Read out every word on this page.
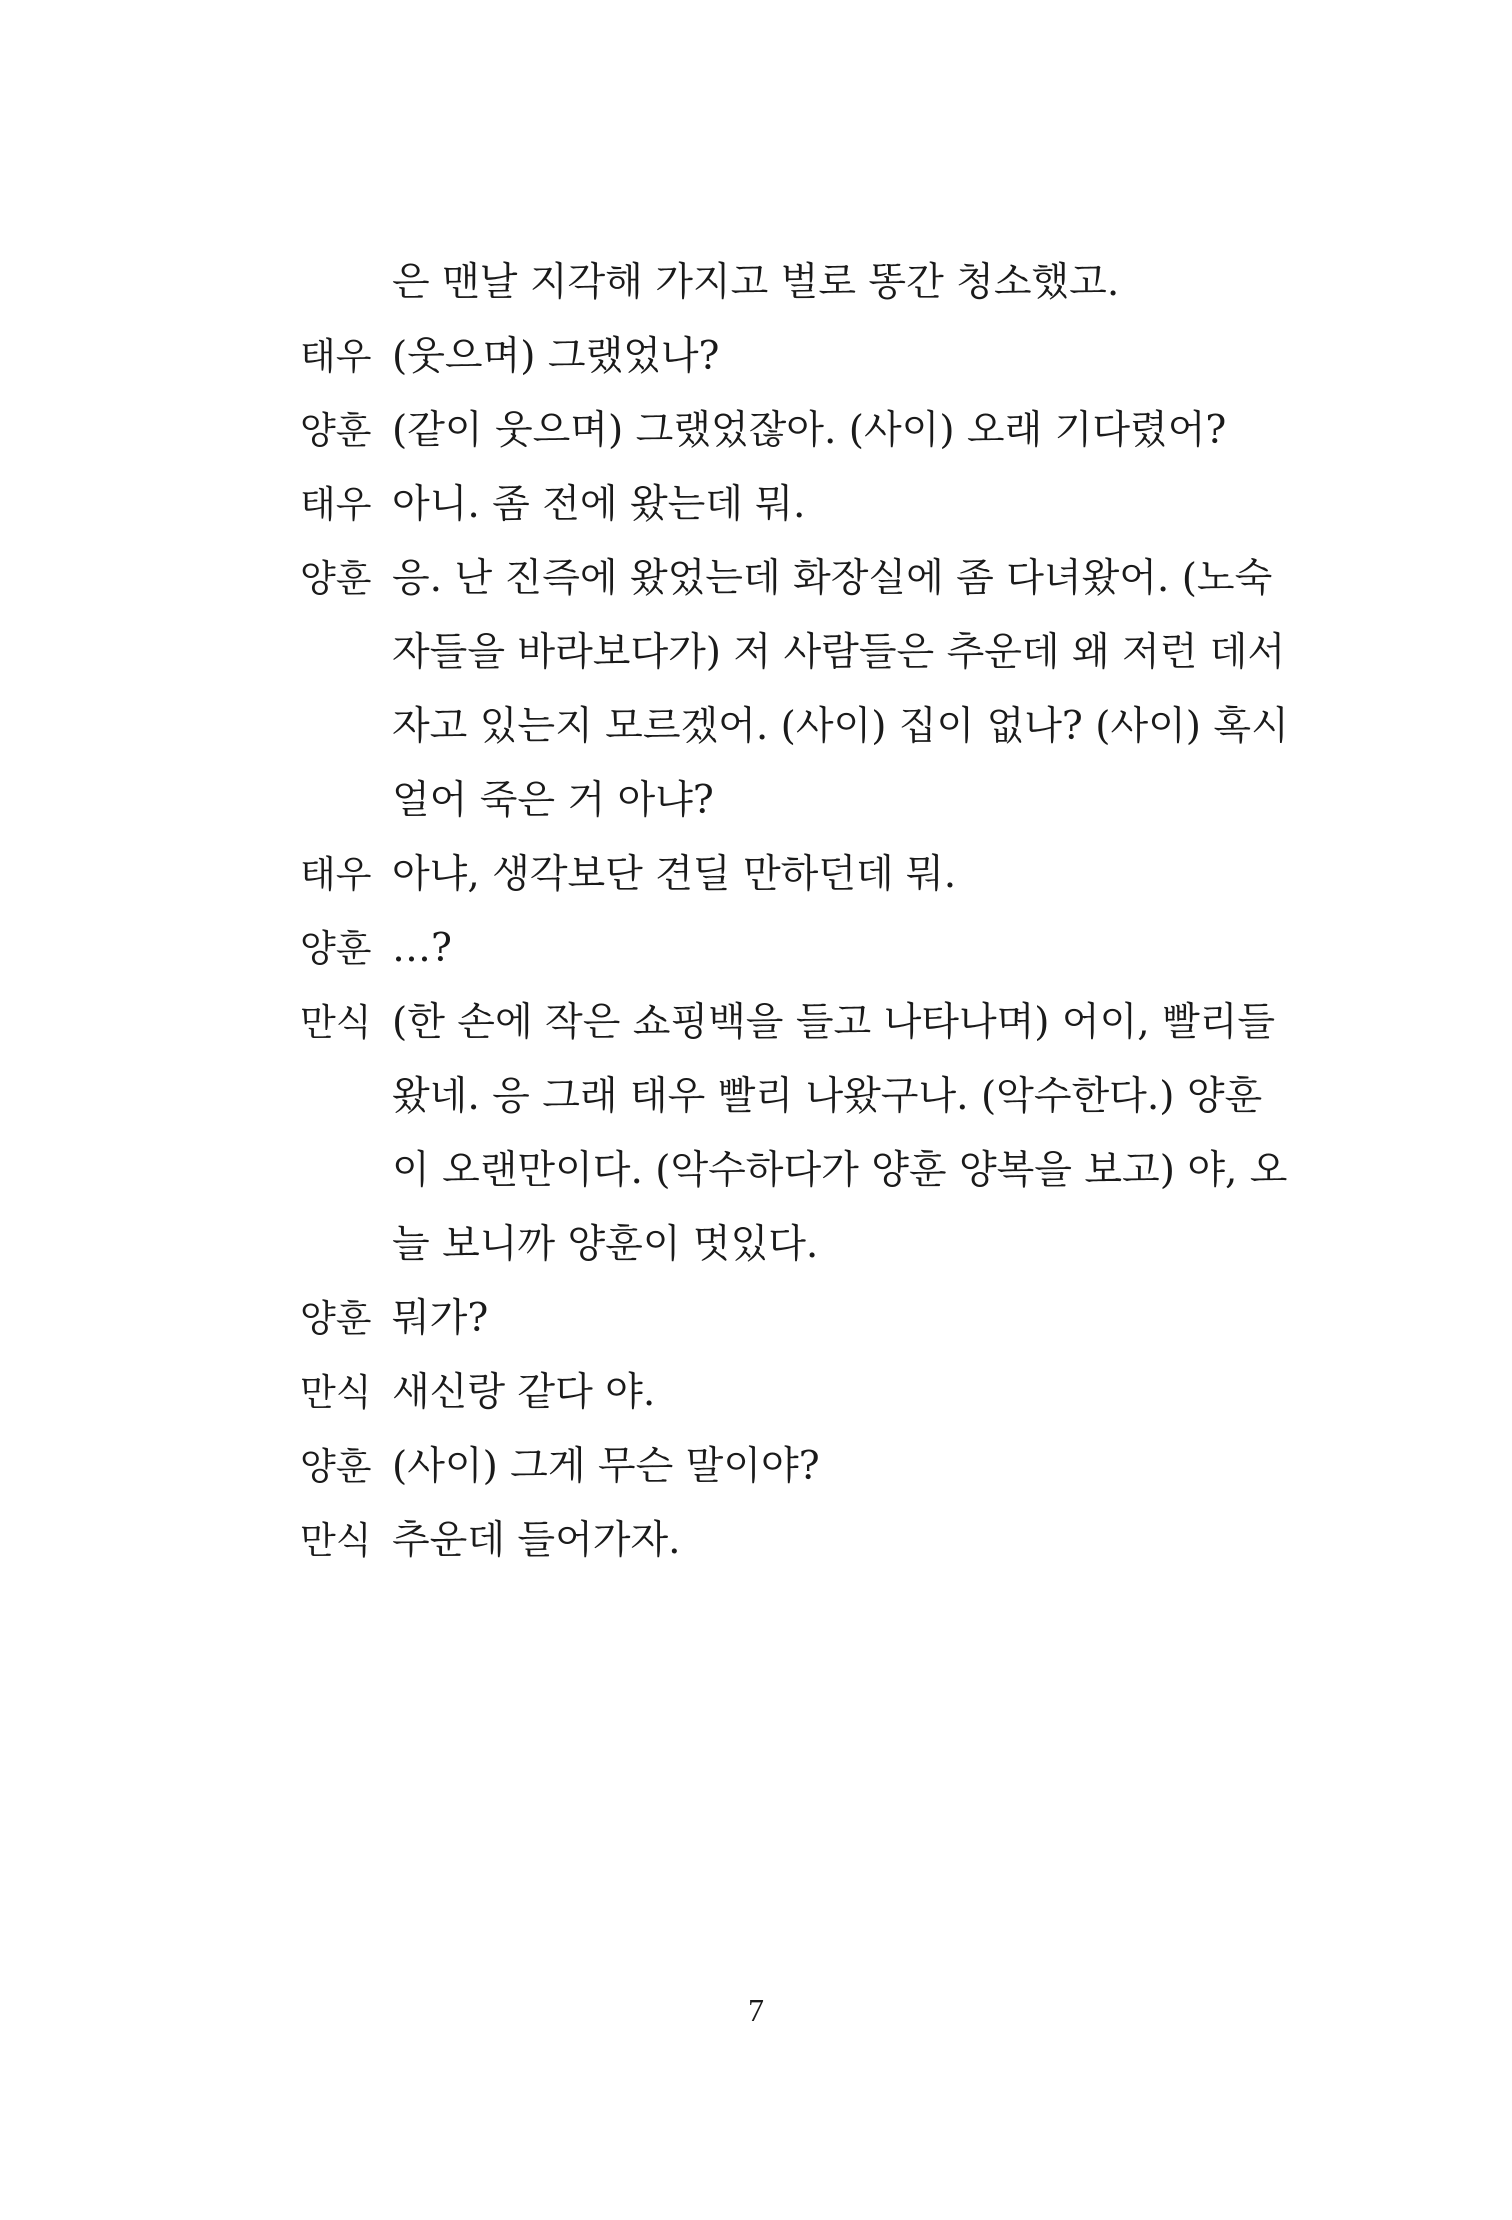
은 맨날 지각해 가지고 벌로 똥간 청소했고.
태우 (웃으며) 그랬었나?
양훈 (같이 웃으며) 그랬었잖아. (사이) 오래 기다렸어?
태우 아니. 좀 전에 왔는데 뭐.
양훈 응. 난 진즉에 왔었는데 화장실에 좀 다녀왔어. (노숙
자들을 바라보다가) 저 사람들은 추운데 왜 저런 데서
자고 있는지 모르겠어. (사이) 집이 없나? (사이) 혹시
얼어 죽은 거 아냐?
태우 아냐, 생각보단 견딜 만하던데 뭐.
양훈 …?
만식 (한 손에 작은 쇼핑백을 들고 나타나며) 어이, 빨리들
왔네. 응 그래 태우 빨리 나왔구나. (악수한다.) 양훈
이 오랜만이다. (악수하다가 양훈 양복을 보고) 야, 오
늘 보니까 양훈이 멋있다.
양훈 뭐가?
만식 새신랑 같다 야.
양훈 (사이) 그게 무슨 말이야?
만식 추운데 들어가자.
7
